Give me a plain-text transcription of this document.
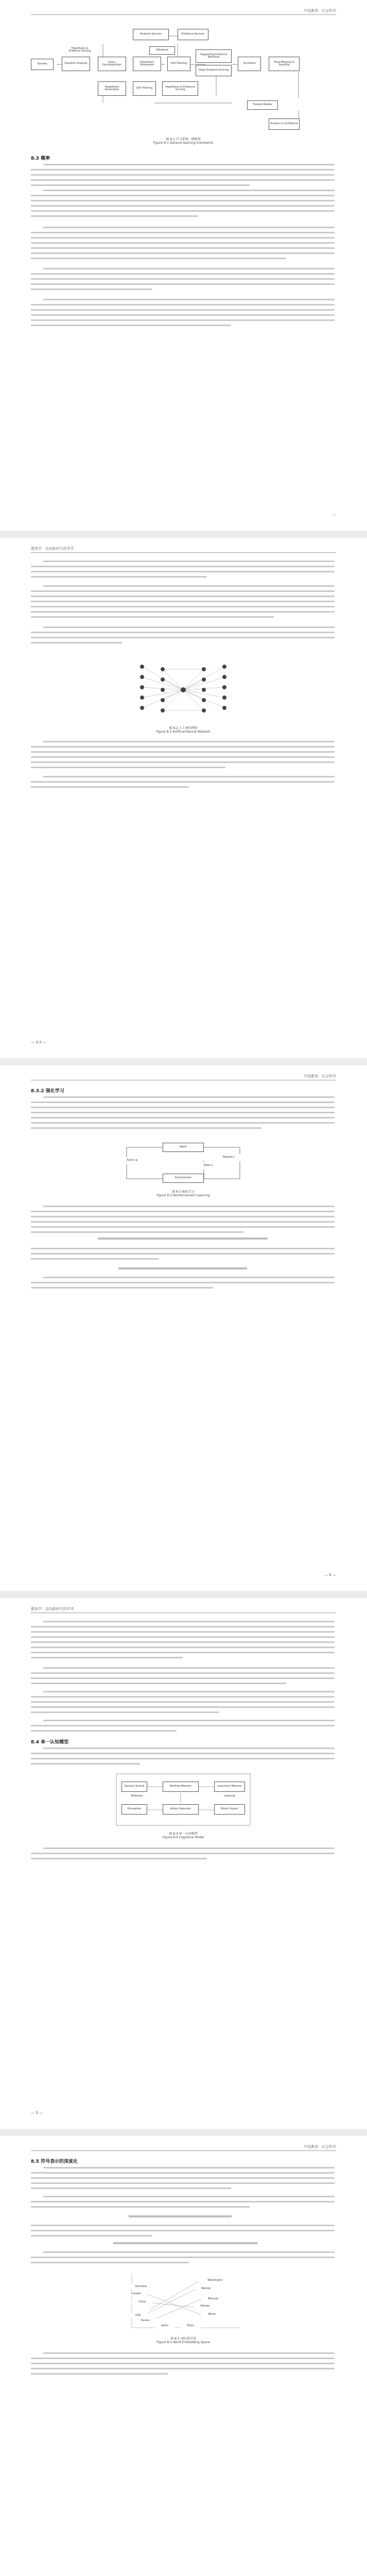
中国教育 · 社会科学
Analysis Sources	Evidence Sources
Database
Queries	Question Analysis	Query Decomposition
Hypothesis Generation	Soft Filtering
Supporting Evidence Retrieval
Deep Evidence Scoring
Synthesis	Final Merging & Ranking
Hypothesis Generation	Soft Filtering	Hypothesis & Evidence Scoring
Trained Models
Answer & Confidence
Hypothesis & Evidence Scoring
图 8-1 学习系统一般框架
Figure 8-1 General learning framework
8.3 概率
—
教育学 · 走向新时代的学术
图 8-2 人工神经网络
Figure 8-2 Artificial Neural Network
— 4.3 —
中国教育 · 社会科学
8.3.2 强化学习
Agent
Action aₜ
State sₜ
Reward rₜ
Environment
图 8-3 强化学习
Figure 8-3 Reinforcement Learning
— 8 —
教育学 · 走向新时代的学术
8.4 单一认知模型
Sensory Stimuli	Working Memory	Long-term Memory
Perception	Action Selection	Motor Output
Attention	Learning
图 8-4 单一认知模型
Figure 8-4 Cognitive Model
— 5 —
中国教育 · 社会科学
8.5 符号表示的深度化
Washington
Beijing
Moscow
Ottawa
Berlin
China
USA
Russia
Canada
Germany
Japan	Tokyo
图 8-5 词向量空间
Figure 8-5 Word Embedding Space
